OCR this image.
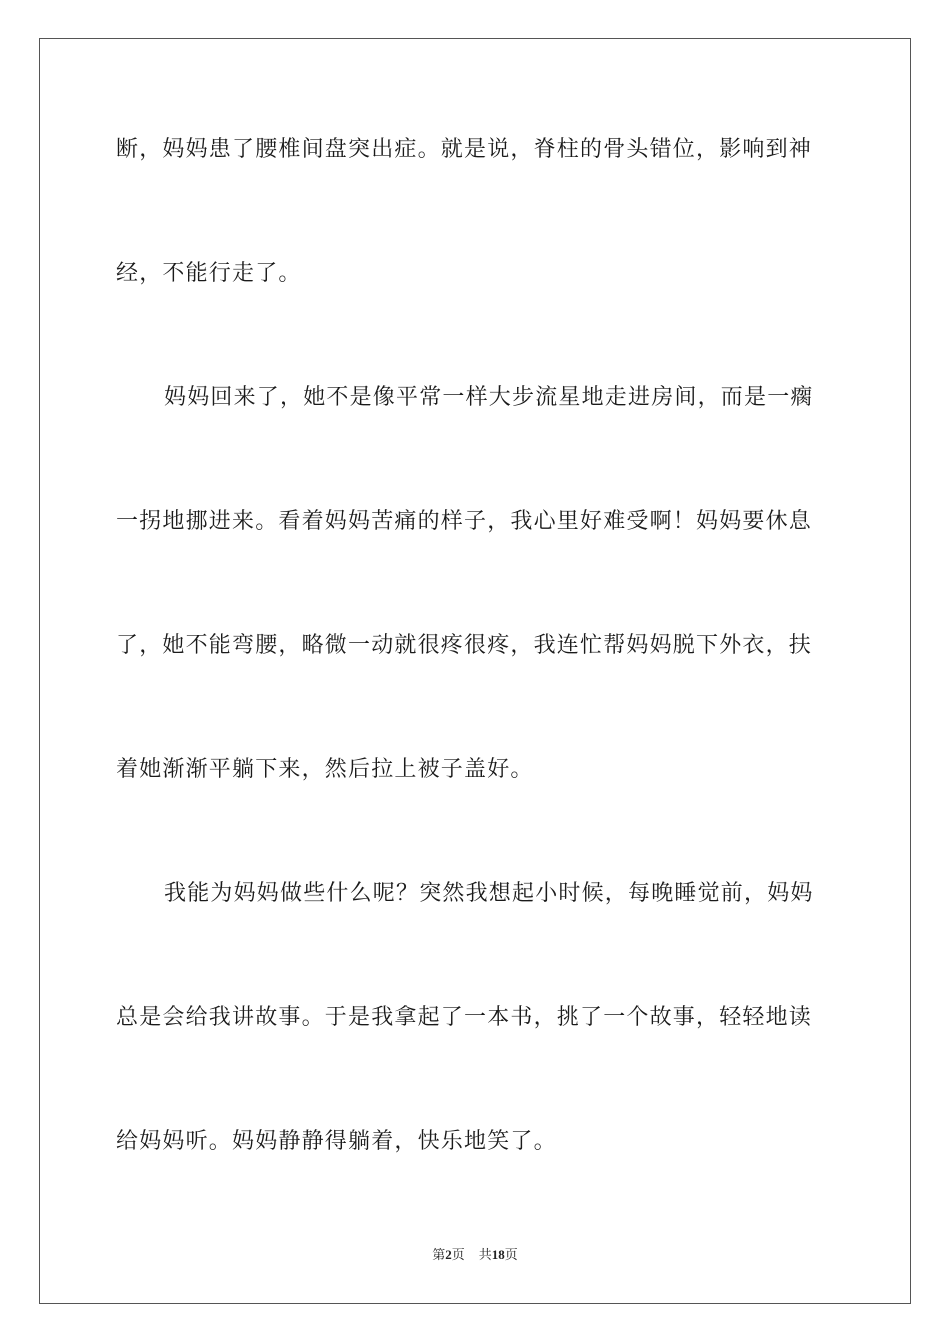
断，妈妈患了腰椎间盘突出症。就是说，脊柱的骨头错位，影响到神
经，不能行走了。
妈妈回来了，她不是像平常一样大步流星地走进房间，而是一瘸
一拐地挪进来。看着妈妈苦痛的样子，我心里好难受啊！妈妈要休息
了，她不能弯腰，略微一动就很疼很疼，我连忙帮妈妈脱下外衣，扶
着她渐渐平躺下来，然后拉上被子盖好。
我能为妈妈做些什么呢？突然我想起小时候，每晚睡觉前，妈妈
总是会给我讲故事。于是我拿起了一本书，挑了一个故事，轻轻地读
给妈妈听。妈妈静静得躺着，快乐地笑了。
第2页 共18页
